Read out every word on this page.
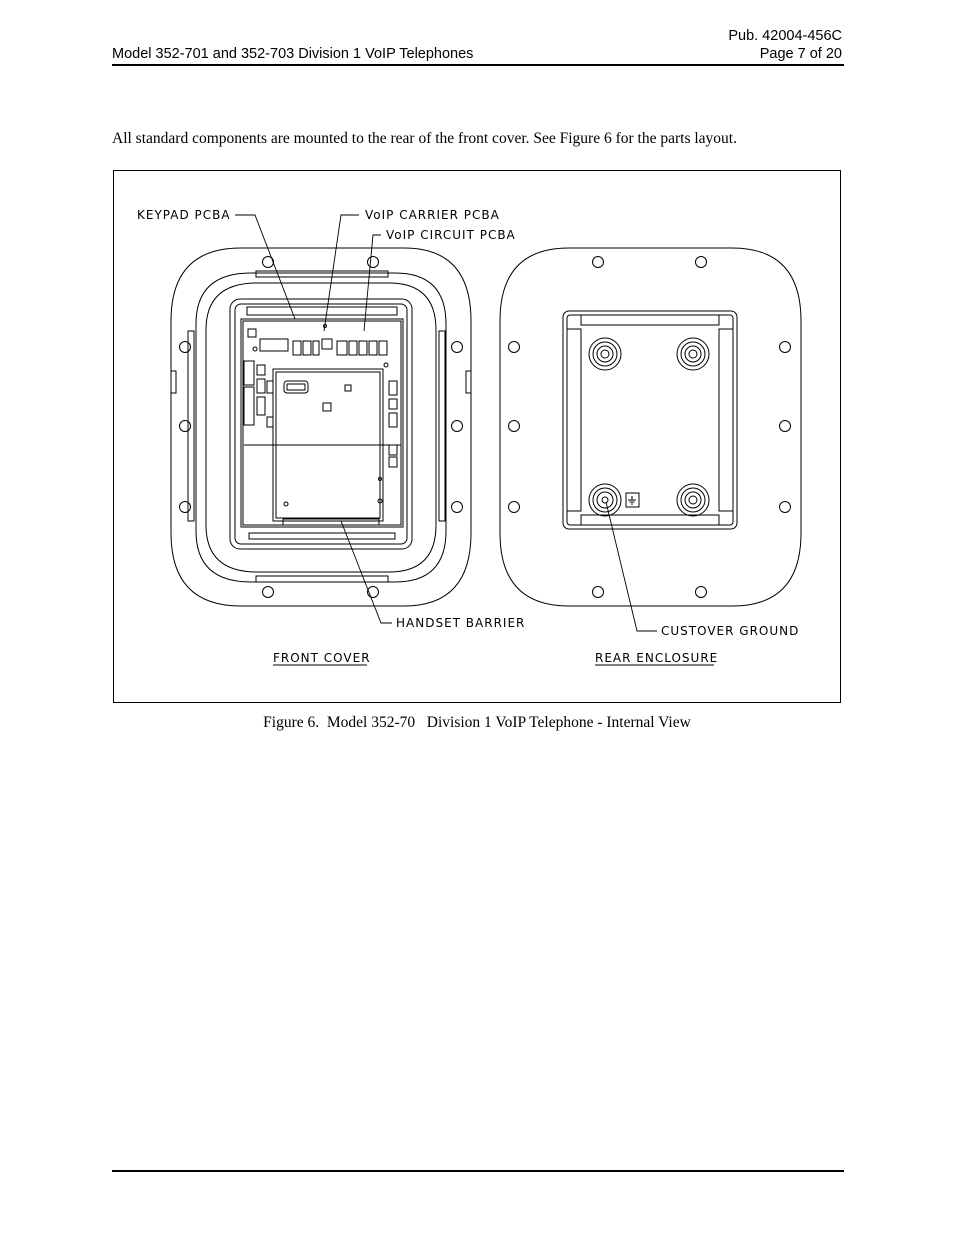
Pub. 42004-456C
Model 352-701 and 352-703 Division 1 VoIP Telephones	Page 7 of 20
All standard components are mounted to the rear of the front cover. See Figure 6 for the parts layout.
KEYPAD PCBA	VoIP CARRIER PCBA
VoIP CIRCUIT PCBA
HANDSET BARRIER
CUSTOVER GROUND
FRONT COVER	REAR ENCLOSURE
Figure 6.  Model 352-70   Division 1 VoIP Telephone - Internal View
